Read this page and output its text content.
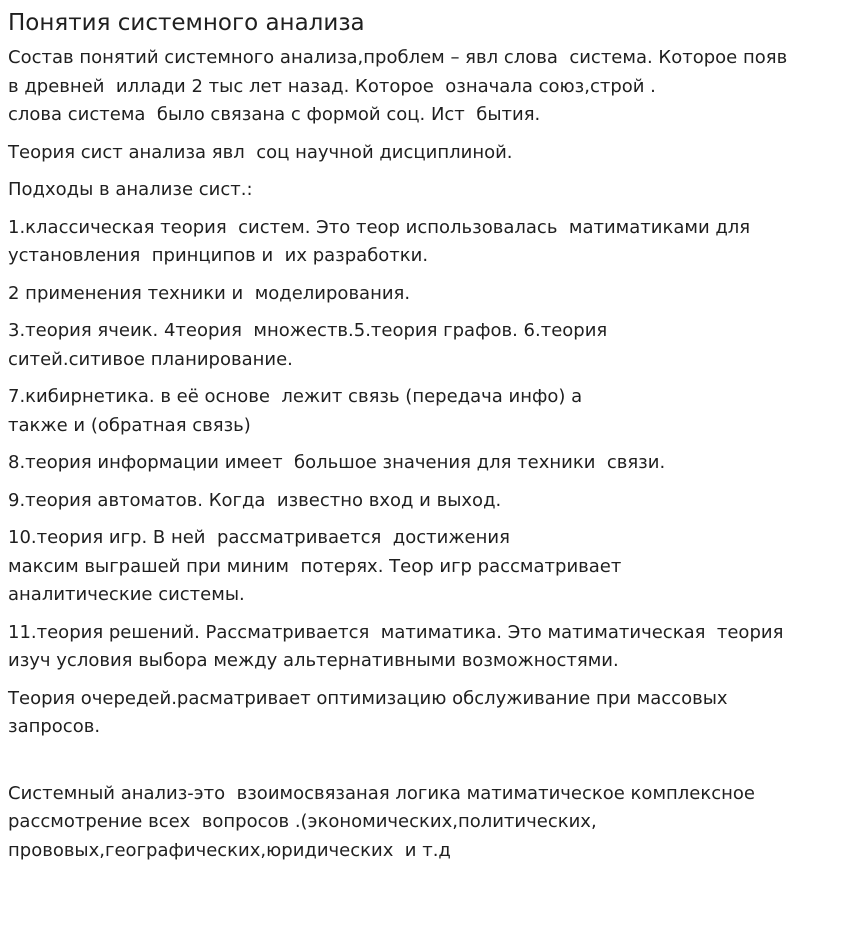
Понятия системного анализа

Состав понятий системного анализа,проблем – явл слова  система. Которое появ
в древней  иллади 2 тыс лет назад. Которое  означала союз,строй .
слова система  было связана с формой соц. Ист  бытия.

Теория сист анализа явл  соц научной дисциплиной.

Подходы в анализе сист.:

1.классическая теория  систем. Это теор использовалась  матиматиками для
установления  принципов и  их разработки.

2 применения техники и  моделирования.

3.теория ячеик. 4теория  множеств.5.теория графов. 6.теория
ситей.ситивое планирование.

7.кибирнетика. в её основе  лежит связь (передача инфо) а
также и (обратная связь)

8.теория информации имеет  большое значения для техники  связи.

9.теория автоматов. Когда  известно вход и выход.

10.теория игр. В ней  рассматривается  достижения
максим выграшей при миним  потерях. Теор игр рассматривает
аналитические системы.

11.теория решений. Рассматривается  матиматика. Это матиматическая  теория
изуч условия выбора между альтернативными возможностями.

Теория очередей.расматривает оптимизацию обслуживание при массовых
запросов.

Системный анализ-это  взоимосвязаная логика матиматическое комплексное
рассмотрение всех  вопросов .(экономических,политических,
прововых,географических,юридических  и т.д
